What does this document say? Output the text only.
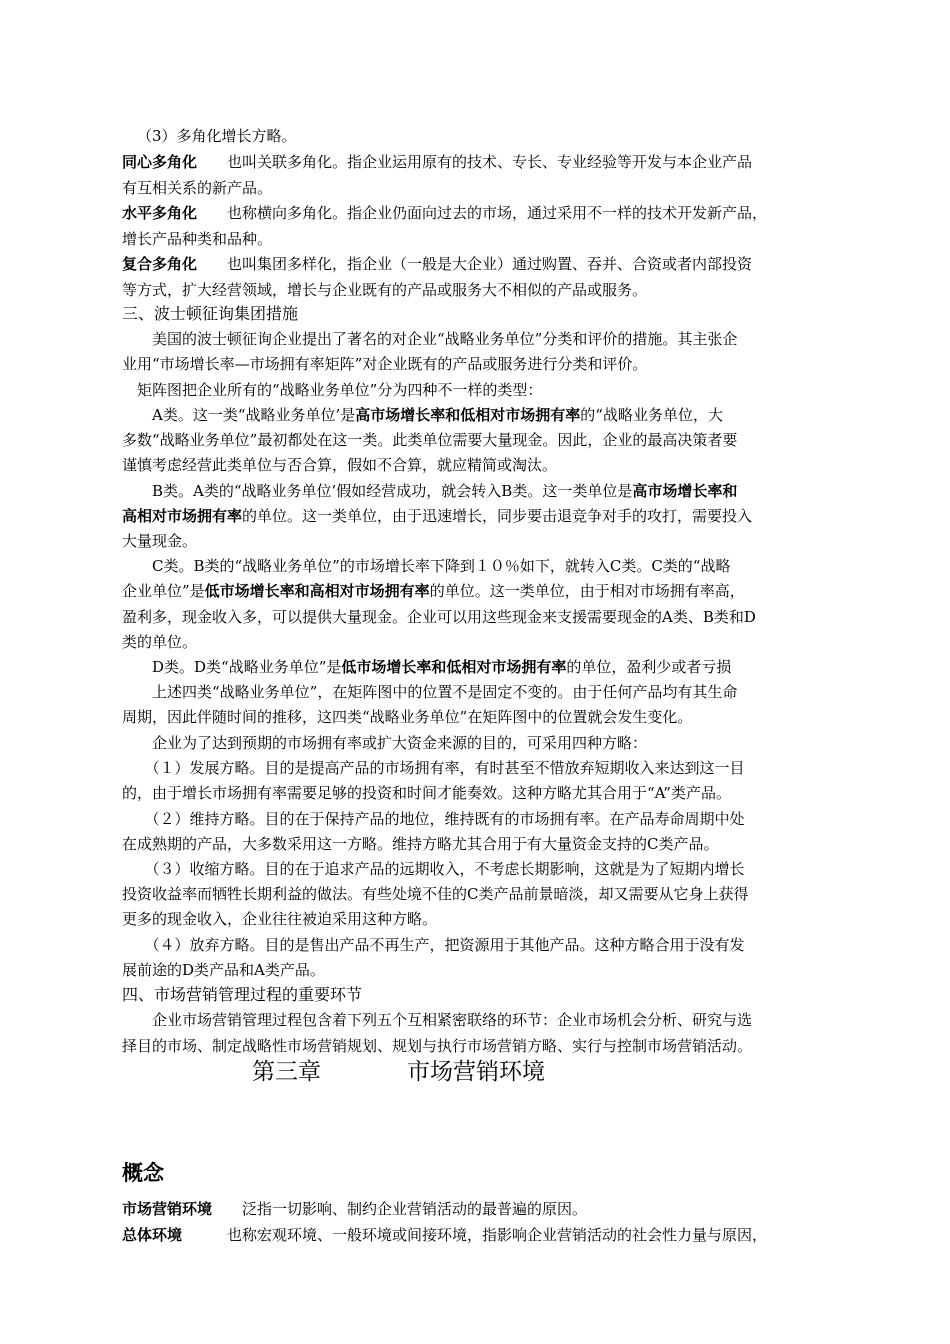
（3）多角化增长方略。
同心多角化　　也叫关联多角化。指企业运用原有的技术、专长、专业经验等开发与本企业产品
有互相关系的新产品。
水平多角化　　也称横向多角化。指企业仍面向过去的市场，通过采用不一样的技术开发新产品，
增长产品种类和品种。
复合多角化　　也叫集团多样化，指企业（一般是大企业）通过购置、吞并、合资或者内部投资
等方式，扩大经营领域，增长与企业既有的产品或服务大不相似的产品或服务。
三、波士顿征询集团措施
　　美国的波士顿征询企业提出了著名的对企业“战略业务单位”分类和评价的措施。其主张企
业用“市场增长率—市场拥有率矩阵”对企业既有的产品或服务进行分类和评价。
　矩阵图把企业所有的“战略业务单位”分为四种不一样的类型：
　　A类。这一类“战略业务单位’是高市场增长率和低相对市场拥有率的“战略业务单位，大
多数“战略业务单位”最初都处在这一类。此类单位需要大量现金。因此，企业的最高决策者要
谨慎考虑经营此类单位与否合算，假如不合算，就应精简或淘汰。
　　B类。A类的“战略业务单位’假如经营成功，就会转入B类。这一类单位是高市场增长率和
高相对市场拥有率的单位。这一类单位，由于迅速增长，同步要击退竞争对手的攻打，需要投入
大量现金。
　　C类。B类的“战略业务单位”的市场增长率下降到１０％如下，就转入C类。C类的“战略
企业单位”是低市场增长率和高相对市场拥有率的单位。这一类单位，由于相对市场拥有率高，
盈利多，现金收入多，可以提供大量现金。企业可以用这些现金来支援需要现金的A类、B类和D
类的单位。
　　D类。D类“战略业务单位”是低市场增长率和低相对市场拥有率的单位，盈利少或者亏损
　　上述四类“战略业务单位”，在矩阵图中的位置不是固定不变的。由于任何产品均有其生命
周期，因此伴随时间的推移，这四类“战略业务单位”在矩阵图中的位置就会发生变化。
　　企业为了达到预期的市场拥有率或扩大资金来源的目的，可采用四种方略：
　　（１）发展方略。目的是提高产品的市场拥有率，有时甚至不惜放弃短期收入来达到这一目
的，由于增长市场拥有率需要足够的投资和时间才能奏效。这种方略尤其合用于“A”类产品。
　　（２）维持方略。目的在于保持产品的地位，维持既有的市场拥有率。在产品寿命周期中处
在成熟期的产品，大多数采用这一方略。维持方略尤其合用于有大量资金支持的C类产品。
　　（３）收缩方略。目的在于追求产品的远期收入，不考虑长期影响，这就是为了短期内增长
投资收益率而牺牲长期利益的做法。有些处境不佳的C类产品前景暗淡，却又需要从它身上获得
更多的现金收入，企业往往被迫采用这种方略。
　　（４）放弃方略。目的是售出产品不再生产，把资源用于其他产品。这种方略合用于没有发
展前途的D类产品和A类产品。
四、市场营销管理过程的重要环节
　　企业市场营销管理过程包含着下列五个互相紧密联络的环节：企业市场机会分析、研究与选
择目的市场、制定战略性市场营销规划、规划与执行市场营销方略、实行与控制市场营销活动。
第三章	市场营销环境
概念
市场营销环境　　 泛指一切影响、制约企业营销活动的最普遍的原因。
总体环境　　　	也称宏观环境、一般环境或间接环境，指影响企业营销活动的社会性力量与原因，
